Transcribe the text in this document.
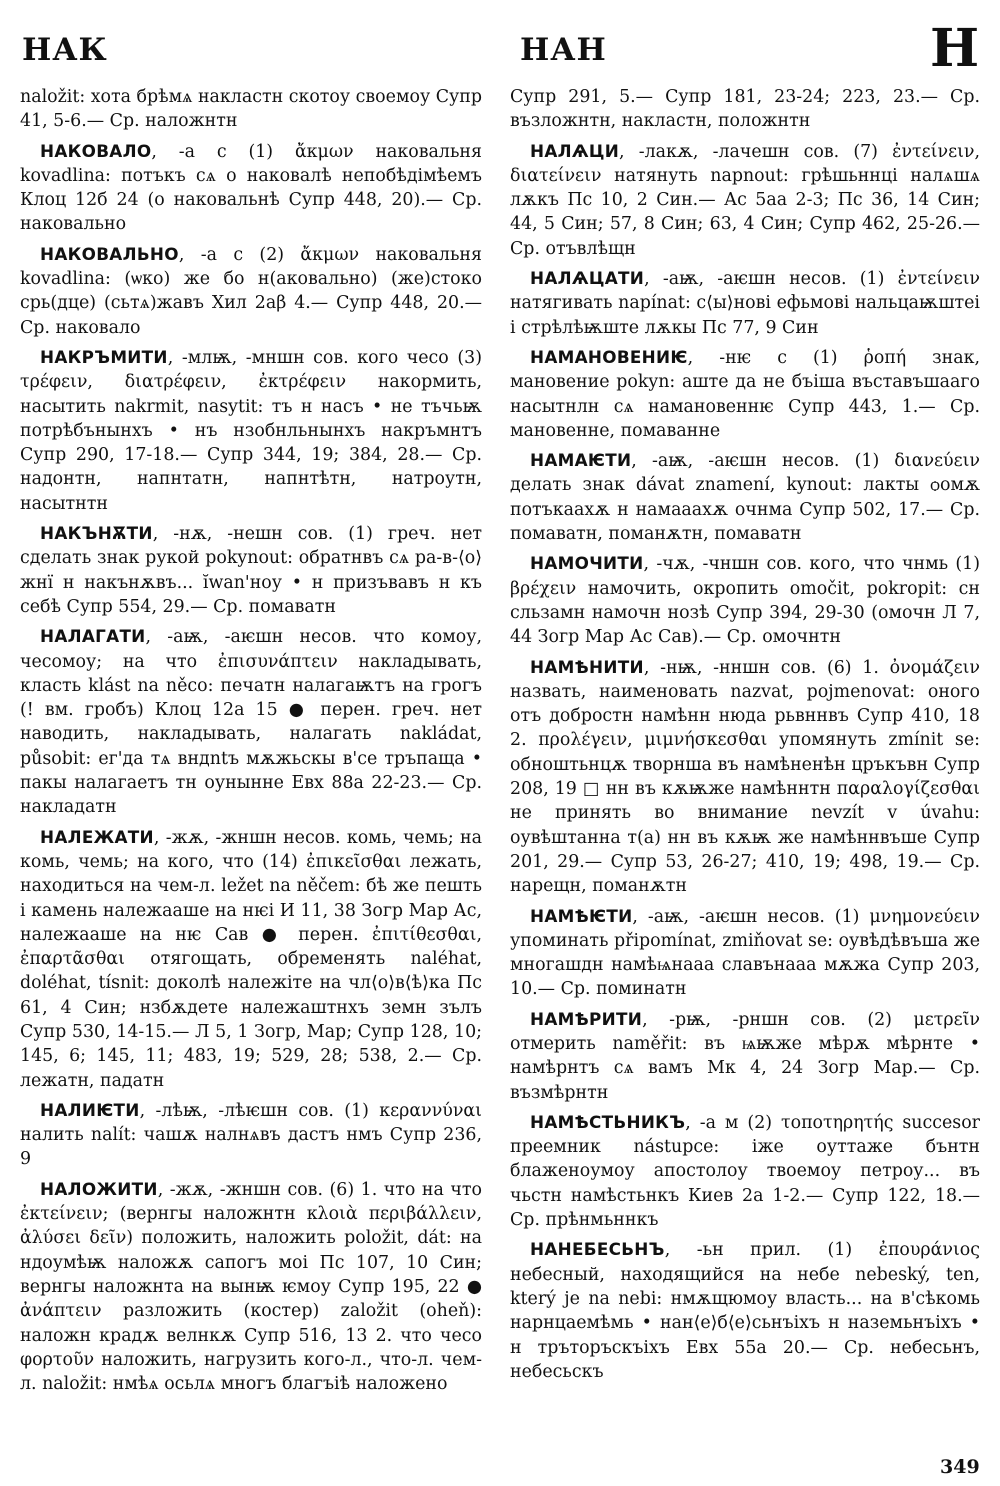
НАК	НАН	Н

naložit: хота брѣмѧ накластн скотоу своемоу Супр 41, 5-6.— Ср. наложнтн

НАКОВАЛО, -а с (1) ἄκμων наковальня kovadlina: потъкъ сѧ о наковалѣ непобѣдімѣемъ Клоц 12б 24 (о наковальнѣ Супр 448, 20).— Ср. наковально

НАКОВАЛЬНО, -а с (2) ἄκμων наковальня kovadlina: (ѡко) же бо н(аковально) (же)стоко срь(дце) (сьтѧ)жавъ Хил 2аβ 4.— Супр 448, 20.— Ср. наковало

НАКРЪМИТИ, -млѭ, -мншн сов. кого чесо (3) τρέφειν, διατρέφειν, ἐκτρέφειν накормить, насытить nakrmit, nasytit: тъ н насъ • не тъчьѭ потрѣбънынхъ • нъ нзобнльнынхъ накръмнтъ Супр 290, 17-18.— Супр 344, 19; 384, 28.— Ср. надонтн, напнтатн, напнтѣтн, натроутн, насытнтн

НАКЪНѪТИ, -нѫ, -нешн сов. (1) греч. нет сделать знак рукой pokynout: обратнвъ сѧ ра-в-⟨о⟩жнї н накънѫвъ... ĭwan'ноу • н призъвавъ н къ себѣ Супр 554, 29.— Ср. помаватн

НАЛАГАТИ, -аѭ, -аѥшн несов. что комоу, чесомоу; на что ἐπισυνάπτειν накладывать, класть klást na něco: печатн налагаѭтъ на грогъ (! вм. гробъ) Клоц 12а 15 ● перен. греч. нет наводить, накладывать, налагать nakládat, působit: ег'да тѧ вндntъ мѫжьскы в'се тръпаща • пакы налагаетъ тн оунынне Евх 88а 22-23.— Ср. накладатн

НАЛЕЖАТИ, -жѫ, -жншн несов. комь, чемь; на комь, чемь; на кого, что (14) ἐπικεῖσθαι лежать, находиться на чем-л. ležet na něčem: бѣ же пешть і камень належааше на нѥі И 11, 38 Зогр Мар Ас, належааше на нѥ Сав ● перен. ἐπιτίθεσθαι, ἐπαρτᾶσθαι отягощать, обременять naléhat, doléhat, tísnit: доколѣ належіте на чл⟨о⟩в⟨ѣ⟩ка Пс 61, 4 Син; нзбѫдете належаштнхъ земн зълъ Супр 530, 14-15.— Л 5, 1 Зогр, Мар; Супр 128, 10; 145, 6; 145, 11; 483, 19; 529, 28; 538, 2.— Ср. лежатн, падатн

НАЛИѤТИ, -лѣѭ, -лѣѥшн сов. (1) κεραννύναι налить nalít: чашѫ налнѧвъ дастъ нмъ Супр 236, 9

НАЛОЖИТИ, -жѫ, -жншн сов. (6) 1. что на что ἐκτείνειν; (вернгы наложнтн κλοιὰ περιβάλλειν, ἀλύσει δεῖν) положить, наложить položit, dát: на ндоумѣѭ наложѫ сапогъ моі Пс 107, 10 Син; вернгы наложнта на вынѭ ѥмоу Супр 195, 22 ● ἀνάπτειν разложить (костер) založit (oheň): наложн крадѫ велнкѫ Супр 516, 13 2. что чесо φορτοῦν наложить, нагрузить кого-л., что-л. чем-л. naložit: нмѣѧ осьлѧ многъ благъіѣ наложено

Супр 291, 5.— Супр 181, 23-24; 223, 23.— Ср. възложнтн, накластн, положнтн

НАЛѦЦИ, -лакѫ, -лачешн сов. (7) ἐντείνειν, διατείνειν натянуть napnout: грѣшьннці налѧшѧ лѫкъ Пс 10, 2 Син.— Ас 5аа 2-3; Пс 36, 14 Син; 44, 5 Син; 57, 8 Син; 63, 4 Син; Супр 462, 25-26.— Ср. отъвлѣщн

НАЛѦЦАТИ, -аѭ, -аѥшн несов. (1) ἐντείνειν натягивать napínat: с⟨ы⟩нові ефьмові нальцаѭштеі і стрѣлѣѭште лѫкы Пс 77, 9 Син

НАМАНОВЕНИѤ, -нѥ с (1) ῥοπή знак, мановение pokyn: аште да не бъіша въставъшааго насытнлн сѧ намановеннѥ Супр 443, 1.— Ср. мановенне, помаванне

НАМАѤТИ, -аѭ, -аѥшн несов. (1) διανεύειν делать знак dávat znamení, kynout: лакты ѻомѫ потъкааxѫ н намаааxѫ очнма Супр 502, 17.— Ср. помаватн, поманѫтн, помаватн

НАМОЧИТИ, -чѫ, -чншн сов. кого, что чнмь (1) βρέχειν намочить, окропить omočit, pokropit: сн сльзамн намочн нозѣ Супр 394, 29-30 (омочн Л 7, 44 Зогр Мар Ас Сав).— Ср. омочнтн

НАМѢНИТИ, -нѭ, -нншн сов. (6) 1. ὀνομάζειν назвать, наименовать nazvat, pojmenovat: оного отъ добростн намѣнн нюда рьвннвъ Супр 410, 18 2. προλέγειν, μιμνήσκεσθαι упомянуть zmínit se: обноштьнцѫ творнша въ намѣненѣн цръкъвн Супр 208, 19 □ нн въ кѫѭже намѣннтн παραλογίζεσθαι не принять во внимание nevzít v úvahu: оувѣштанна т(а) нн въ кѫѭ же намѣннвъше Супр 201, 29.— Супр 53, 26-27; 410, 19; 498, 19.— Ср. нарещн, поманѫтн

НАМѢѤТИ, -аѭ, -аѥшн несов. (1) μνημονεύειν упоминать připomínat, zmiňovat se: оувѣдѣвъша же многашдн намѣѩнааа славънааа мѫжа Супр 203, 10.— Ср. поминатн

НАМѢРИТИ, -рѭ, -рншн сов. (2) μετρεῖν отмерить naměřit: въ ѩѭже мѣрѫ мѣрнте • намѣрнтъ сѧ вамъ Мк 4, 24 Зогр Мар.— Ср. възмѣрнтн

НАМѢСТЬНИКЪ, -а м (2) τοποτηρητής succesor преемник nástupce: іже оуттаже бънтн блаженоумоу апостолоу твоемоу петроу... въ чьстн намѣстьнкъ Киев 2а 1-2.— Супр 122, 18.— Ср. прѣнмьннкъ

НАНЕБЕСЬНЪ, -ьн прил. (1) ἐπουράνιος небесный, находящийся на небе nebeský, ten, který je na nebi: нмѫщюмоу власть... на в'сѣкомь нарнцаемѣмь • нан⟨е⟩б⟨е⟩сьнъіхъ н наземьнъіхъ • н тръторъскъіхъ Евх 55а 20.— Ср. небесьнъ, небесьскъ

349
